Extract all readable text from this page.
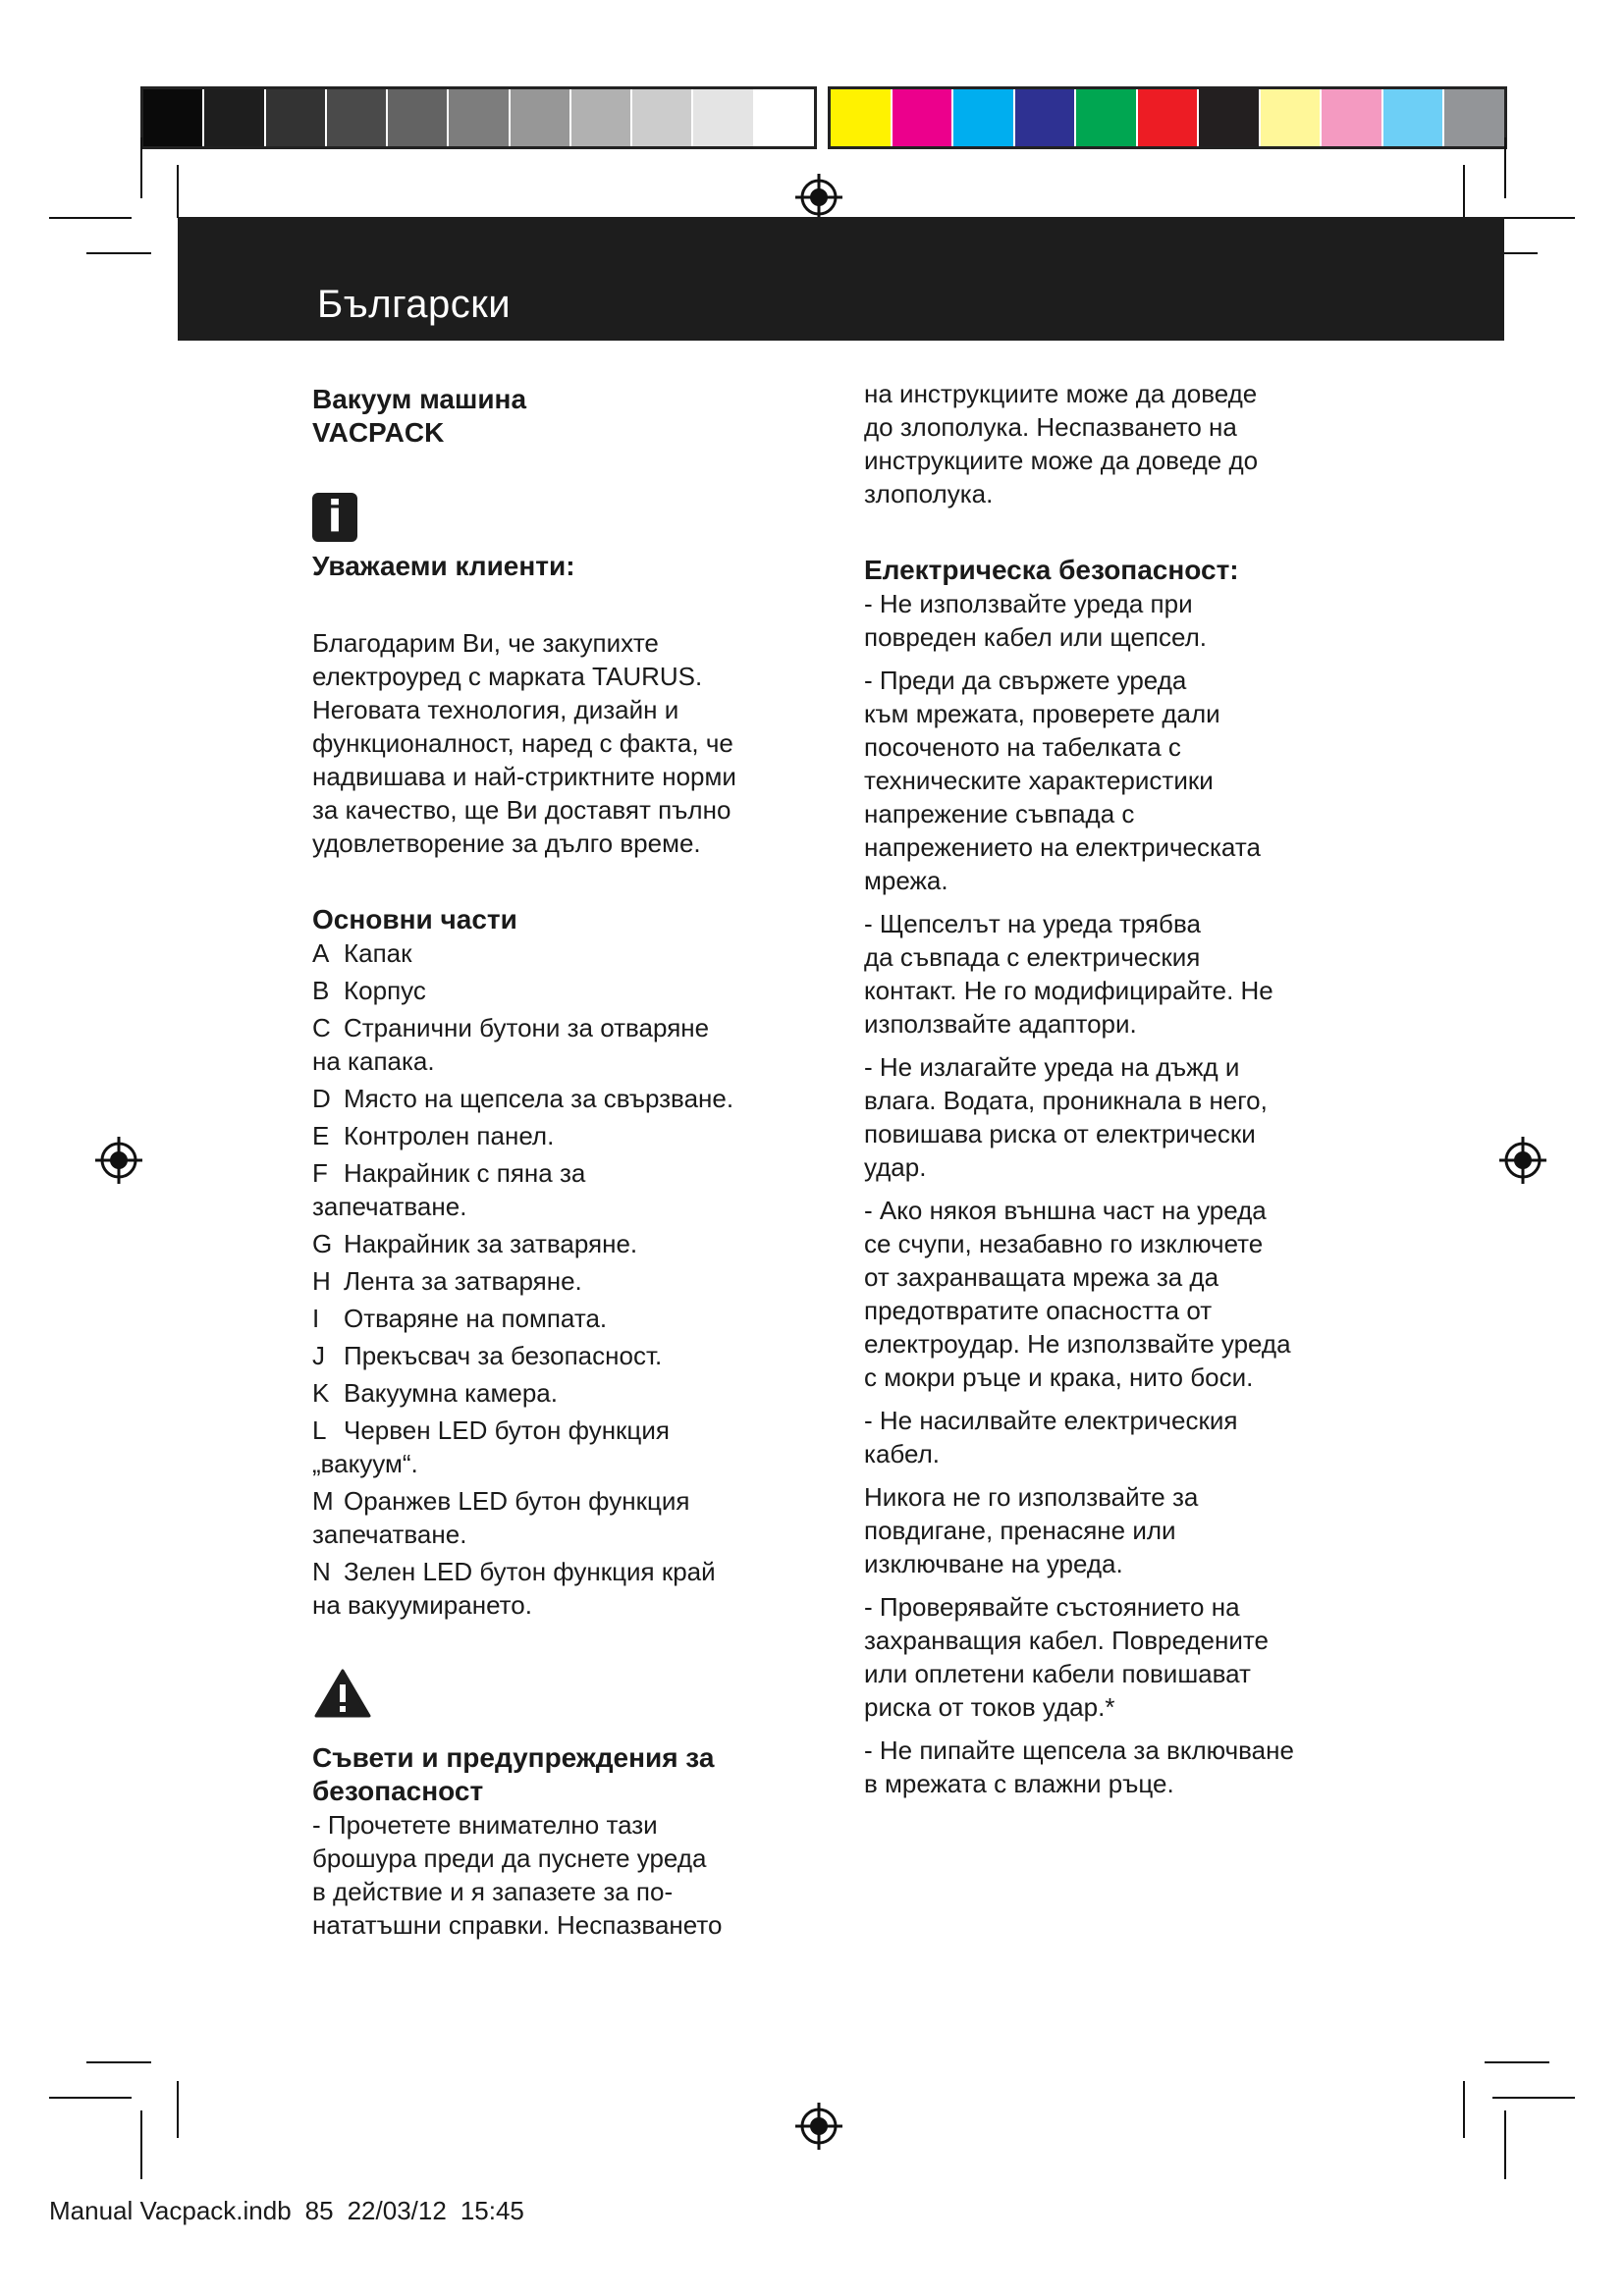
Български

Вакуум машина

VACPACK

i

Уважаеми клиенти:

Благодарим Ви, че закупихте

електроуред с марката TAURUS.

Неговата технология, дизайн и

функционалност, наред с факта, че

надвишава и най-стриктните норми

за качество, ще Ви доставят пълно

удовлетворение за дълго време.

Основни части

A Капак

B Корпус

C Странични бутони за отваряне

на капака.

D Място на щепсела за свързване.

E Контролен панел.

F Накрайник с пяна за

запечатване.

G Накрайник за затваряне.

H Лента за затваряне.

I Отваряне на помпата.

J Прекъсвач за безопасност.

K Вакуумна камера.

L Червен LED бутон функция

„вакуум“.

M Оранжев LED бутон функция

запечатване.

N Зелен LED бутон функция край

на вакуумирането.

Съвети и предупреждения за

безопасност

- Прочетете внимателно тази

брошура преди да пуснете уреда

в действие и я запазете за по-

нататъшни справки. Неспазването

на инструкциите може да доведе

до злополука. Неспазването на

инструкциите може да доведе до

злополука.

Електрическа безопасност:

- Не използвайте уреда при

повреден кабел или щепсел.

- Преди да свържете уреда

към мрежата, проверете дали

посоченото на табелката с

техническите характеристики

напрежение съвпада с

напрежението на електрическата

мрежа.

- Щепселът на уреда трябва

да съвпада с електрическия

контакт. Не го модифицирайте. Не

използвайте адаптори.

- Не излагайте уреда на дъжд и

влага. Водата, проникнала в него,

повишава риска от електрически

удар.

- Ако някоя външна част на уреда

се счупи, незабавно го изключете

от захранващата мрежа за да

предотвратите опасността от

електроудар. Не използвайте уреда

с мокри ръце и крака, нито боси.

- Не насилвайте електрическия

кабел.

Никога не го използвайте за

повдигане, пренасяне или

изключване на уреда.

- Проверявайте състоянието на

захранващия кабел. Повредените

или оплетени кабели повишават

риска от токов удар.*

- Не пипайте щепсела за включване

в мрежата с влажни ръце.

Manual Vacpack.indb 85 22/03/12 15:45
